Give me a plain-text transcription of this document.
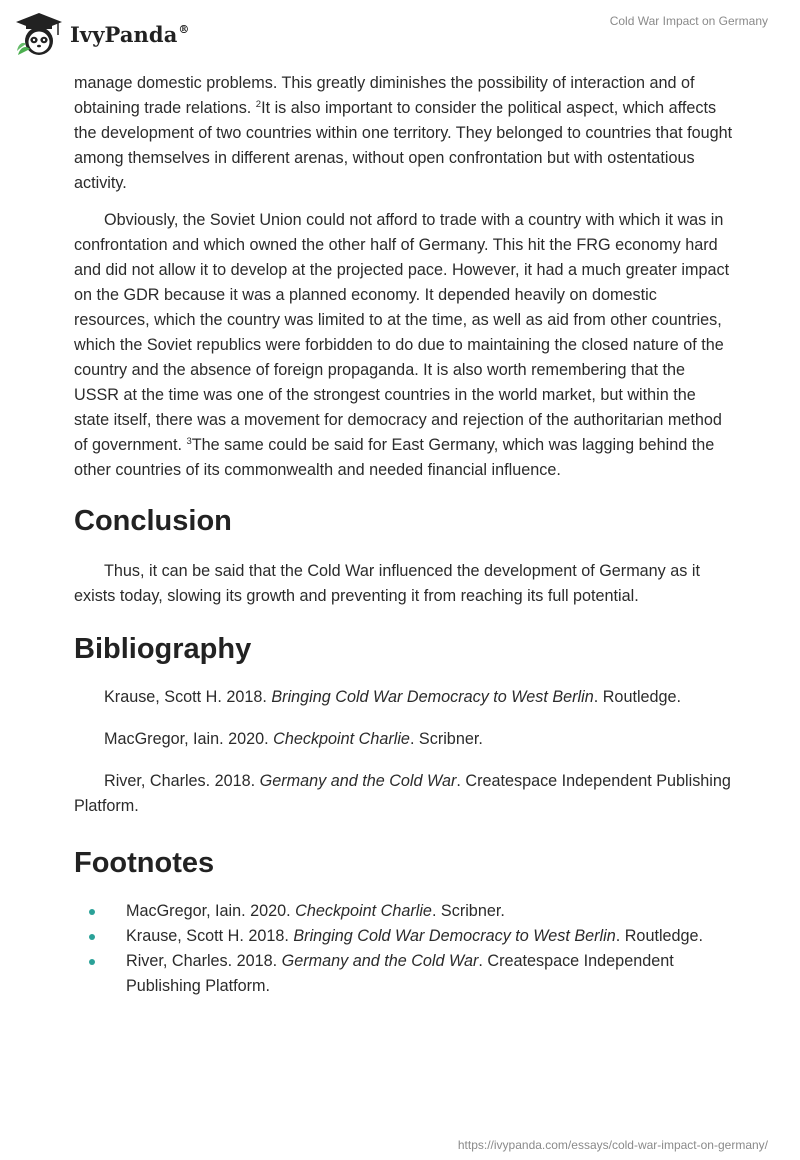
IvyPanda®
Cold War Impact on Germany

manage domestic problems. This greatly diminishes the possibility of interaction and of obtaining trade relations. $^2$It is also important to consider the political aspect, which affects the development of two countries within one territory. They belonged to countries that fought among themselves in different arenas, without open confrontation but with ostentatious activity.

Obviously, the Soviet Union could not afford to trade with a country with which it was in confrontation and which owned the other half of Germany. This hit the FRG economy hard and did not allow it to develop at the projected pace. However, it had a much greater impact on the GDR because it was a planned economy. It depended heavily on domestic resources, which the country was limited to at the time, as well as aid from other countries, which the Soviet republics were forbidden to do due to maintaining the closed nature of the country and the absence of foreign propaganda. It is also worth remembering that the USSR at the time was one of the strongest countries in the world market, but within the state itself, there was a movement for democracy and rejection of the authoritarian method of government. $^3$The same could be said for East Germany, which was lagging behind the other countries of its commonwealth and needed financial influence.

Conclusion

Thus, it can be said that the Cold War influenced the development of Germany as it exists today, slowing its growth and preventing it from reaching its full potential.

Bibliography

Krause, Scott H. 2018. Bringing Cold War Democracy to West Berlin. Routledge.

MacGregor, Iain. 2020. Checkpoint Charlie. Scribner.

River, Charles. 2018. Germany and the Cold War. Createspace Independent Publishing Platform.

Footnotes
MacGregor, Iain. 2020. Checkpoint Charlie. Scribner.
Krause, Scott H. 2018. Bringing Cold War Democracy to West Berlin. Routledge.
River, Charles. 2018. Germany and the Cold War. Createspace Independent Publishing Platform.
https://ivypanda.com/essays/cold-war-impact-on-germany/
